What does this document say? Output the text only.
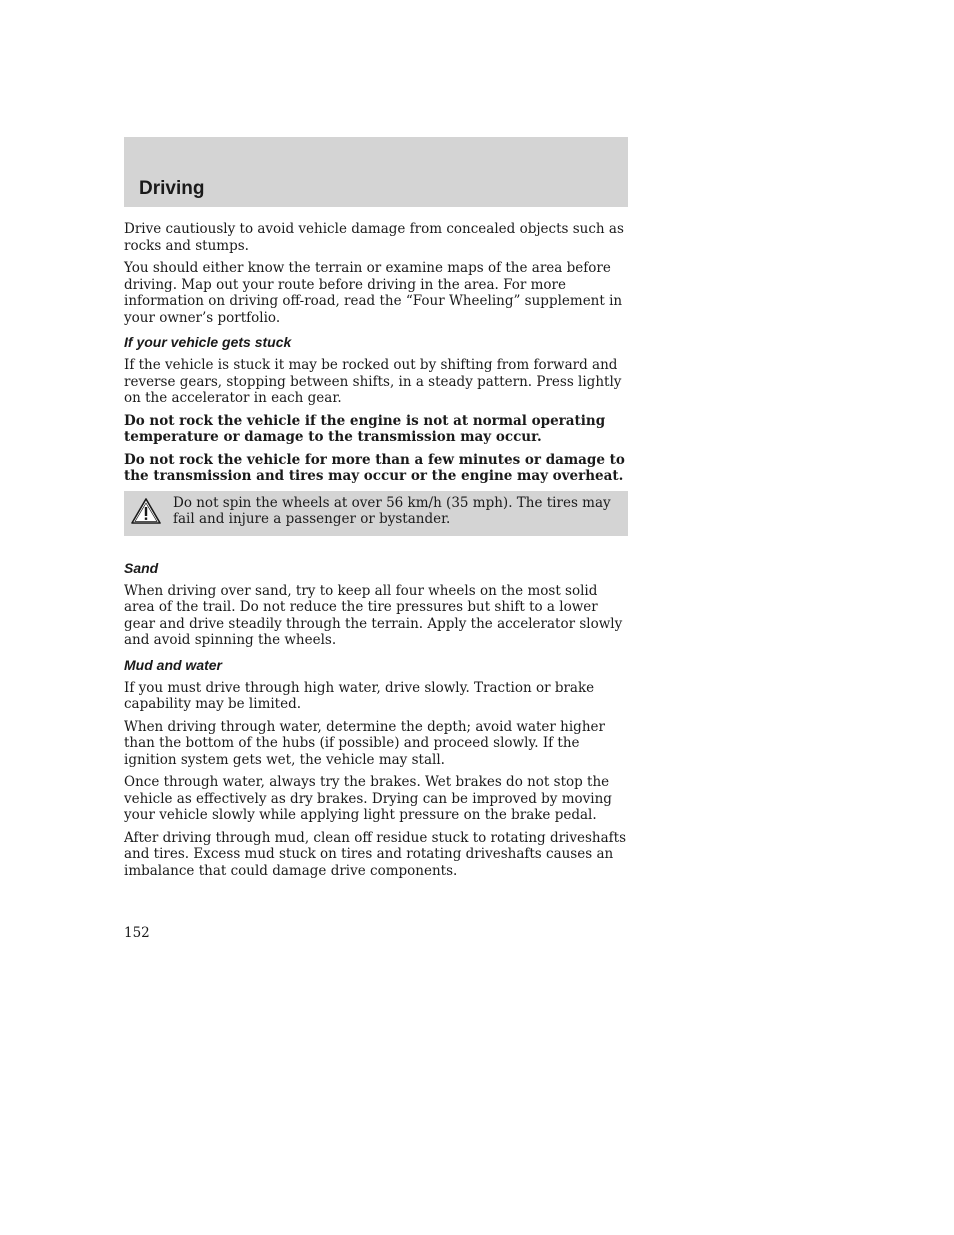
Driving

Drive cautiously to avoid vehicle damage from concealed objects such as rocks and stumps.

You should either know the terrain or examine maps of the area before driving. Map out your route before driving in the area. For more information on driving off-road, read the “Four Wheeling” supplement in your owner’s portfolio.

If your vehicle gets stuck

If the vehicle is stuck it may be rocked out by shifting from forward and reverse gears, stopping between shifts, in a steady pattern. Press lightly on the accelerator in each gear.

Do not rock the vehicle if the engine is not at normal operating temperature or damage to the transmission may occur.

Do not rock the vehicle for more than a few minutes or damage to the transmission and tires may occur or the engine may overheat.

Do not spin the wheels at over 56 km/h (35 mph). The tires may fail and injure a passenger or bystander.

Sand

When driving over sand, try to keep all four wheels on the most solid area of the trail. Do not reduce the tire pressures but shift to a lower gear and drive steadily through the terrain. Apply the accelerator slowly and avoid spinning the wheels.

Mud and water

If you must drive through high water, drive slowly. Traction or brake capability may be limited.

When driving through water, determine the depth; avoid water higher than the bottom of the hubs (if possible) and proceed slowly. If the ignition system gets wet, the vehicle may stall.

Once through water, always try the brakes. Wet brakes do not stop the vehicle as effectively as dry brakes. Drying can be improved by moving your vehicle slowly while applying light pressure on the brake pedal.

After driving through mud, clean off residue stuck to rotating driveshafts and tires. Excess mud stuck on tires and rotating driveshafts causes an imbalance that could damage drive components.

152
